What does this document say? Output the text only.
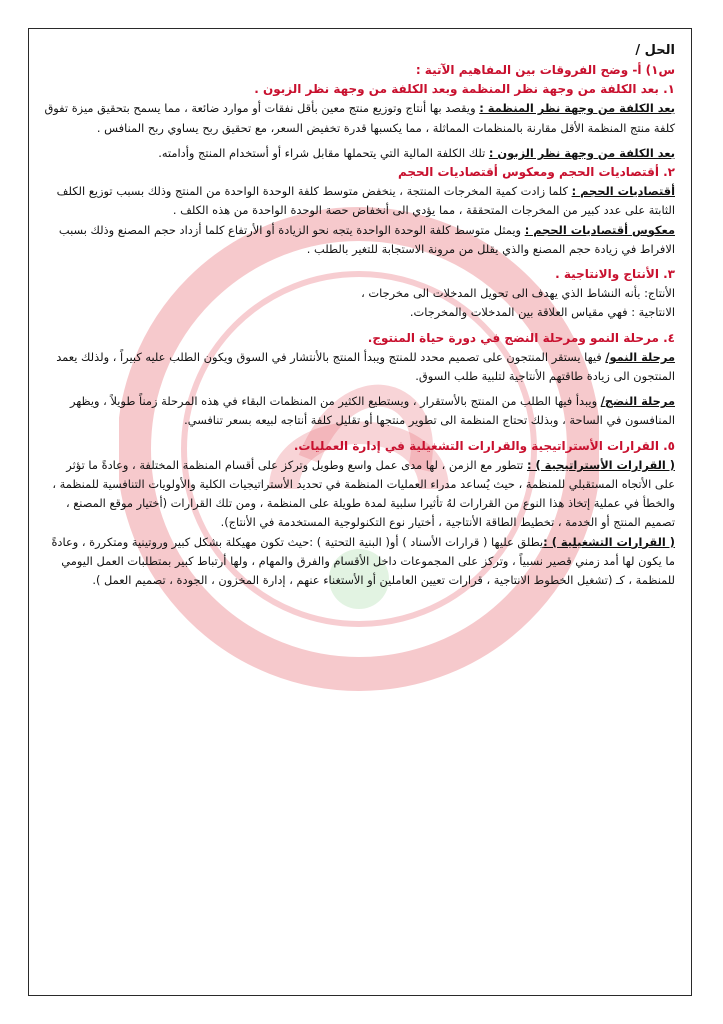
الحل /

س١) أ- وضح الفروقات بين المفاهيم الآتية :

١. بعد الكلفة من وجهة نظر المنظمة وبعد الكلفة من وجهة نظر الزبون .

بعد الكلفة من وجهة نظر المنظمة : ويقصد بها أنتاج وتوزيع منتج معين بأقل نفقات أو موارد ضائعة ، مما يسمح بتحقيق ميزة تفوق كلفة منتج المنظمة الأقل مقارنة بالمنظمات المماثلة ، مما يكسبها قدرة تخفيض السعر، مع تحقيق ربح يساوي ربح المنافس .

بعد الكلفة من وجهة نظر الزبون : تلك الكلفة المالية التي يتحملها مقابل شراء أو أستخدام المنتج وأدامته.

٢. أقتصاديات الحجم ومعكوس أقتصاديات الحجم

أقتصاديات الحجم : كلما زادت كمية المخرجات المنتجة ، ينخفض متوسط كلفة الوحدة الواحدة من المنتج وذلك بسبب توزيع الكلف الثابتة على عدد كبير من المخرجات المتحققة ، مما يؤدي الى أنخفاض حصة الوحدة الواحدة من هذه الكلف .

معكوس أقتصاديات الحجم : ويمثل متوسط كلفة الوحدة الواحدة يتجه نحو الزيادة أو الأرتفاع كلما أزداد حجم المصنع وذلك بسبب الافراط في زيادة حجم المصنع والذي يقلل من مرونة الاستجابة للتغير بالطلب .

٣. الأنتاج والانتاجية .

الأنتاج: بأنه النشاط الذي يهدف الى تحويل المدخلات الى مخرجات ،

الانتاجية : فهي مقياس العلاقة بين المدخلات والمخرجات.

٤. مرحلة النمو ومرحلة النضج في دورة حياة المنتوج.

مرحلة النمو/ فيها يستقر المنتجون على تصميم محدد للمنتج ويبدأ المنتج بالأنتشار في السوق ويكون الطلب عليه كبيراً ، ولذلك يعمد المنتجون الى زيادة طاقتهم الأنتاجية لتلبية طلب السوق.

مرحلة النضج/ ويبدأ فيها الطلب من المنتج بالأستقرار ، ويستطيع الكثير من المنظمات البقاء في هذه المرحلة زمناً طويلاً ، ويظهر المنافسون في الساحة ، وبذلك تحتاج المنظمة الى تطوير منتجها أو تقليل كلفة أنتاجه لبيعه بسعر تنافسي.

٥. القرارات الأستراتيجية والقرارات التشغيلية في إدارة العمليات.

( القرارات الأستراتيجية ) : تتطور مع الزمن ، لها مدى عمل واسع وطويل وتركز على أقسام المنظمة المختلفة ، وعادةً ما تؤثر على الأتجاه المستقبلي للمنظمة ، حيث يُساعد مدراء العمليات المنظمة في تحديد الأستراتيجيات الكلية والأولويات التنافسية للمنظمة ، والخطأ في عملية إتخاذ هذا النوع من القرارات لهُ تأثيرا سلبية لمدة طويلة على المنظمة ، ومن تلك القرارات (أختيار موقع المصنع ، تصميم المنتج أو الخدمة ، تخطيط الطاقة الأنتاجية ، أختيار نوع التكنولوجية المستخدمة في الأنتاج).

( القرارات التشغيلية ) :يطلق عليها ( قرارات الأسناد ) أو( البنية التحتية ) :حيث تكون مهيكلة بشكل كبير وروتينية ومتكررة ، وعادةً ما يكون لها أمد زمني قصير نسبياً ، وتركز على المجموعات داخل الأقسام والفرق والمهام ، ولها أرتباط كبير بمتطلبات العمل اليومي للمنظمة ، كـ (تشغيل الخطوط الانتاجية ، قرارات تعيين العاملين أو الأستغناء عنهم ، إدارة المخزون ، الجودة ، تصميم العمل ).
